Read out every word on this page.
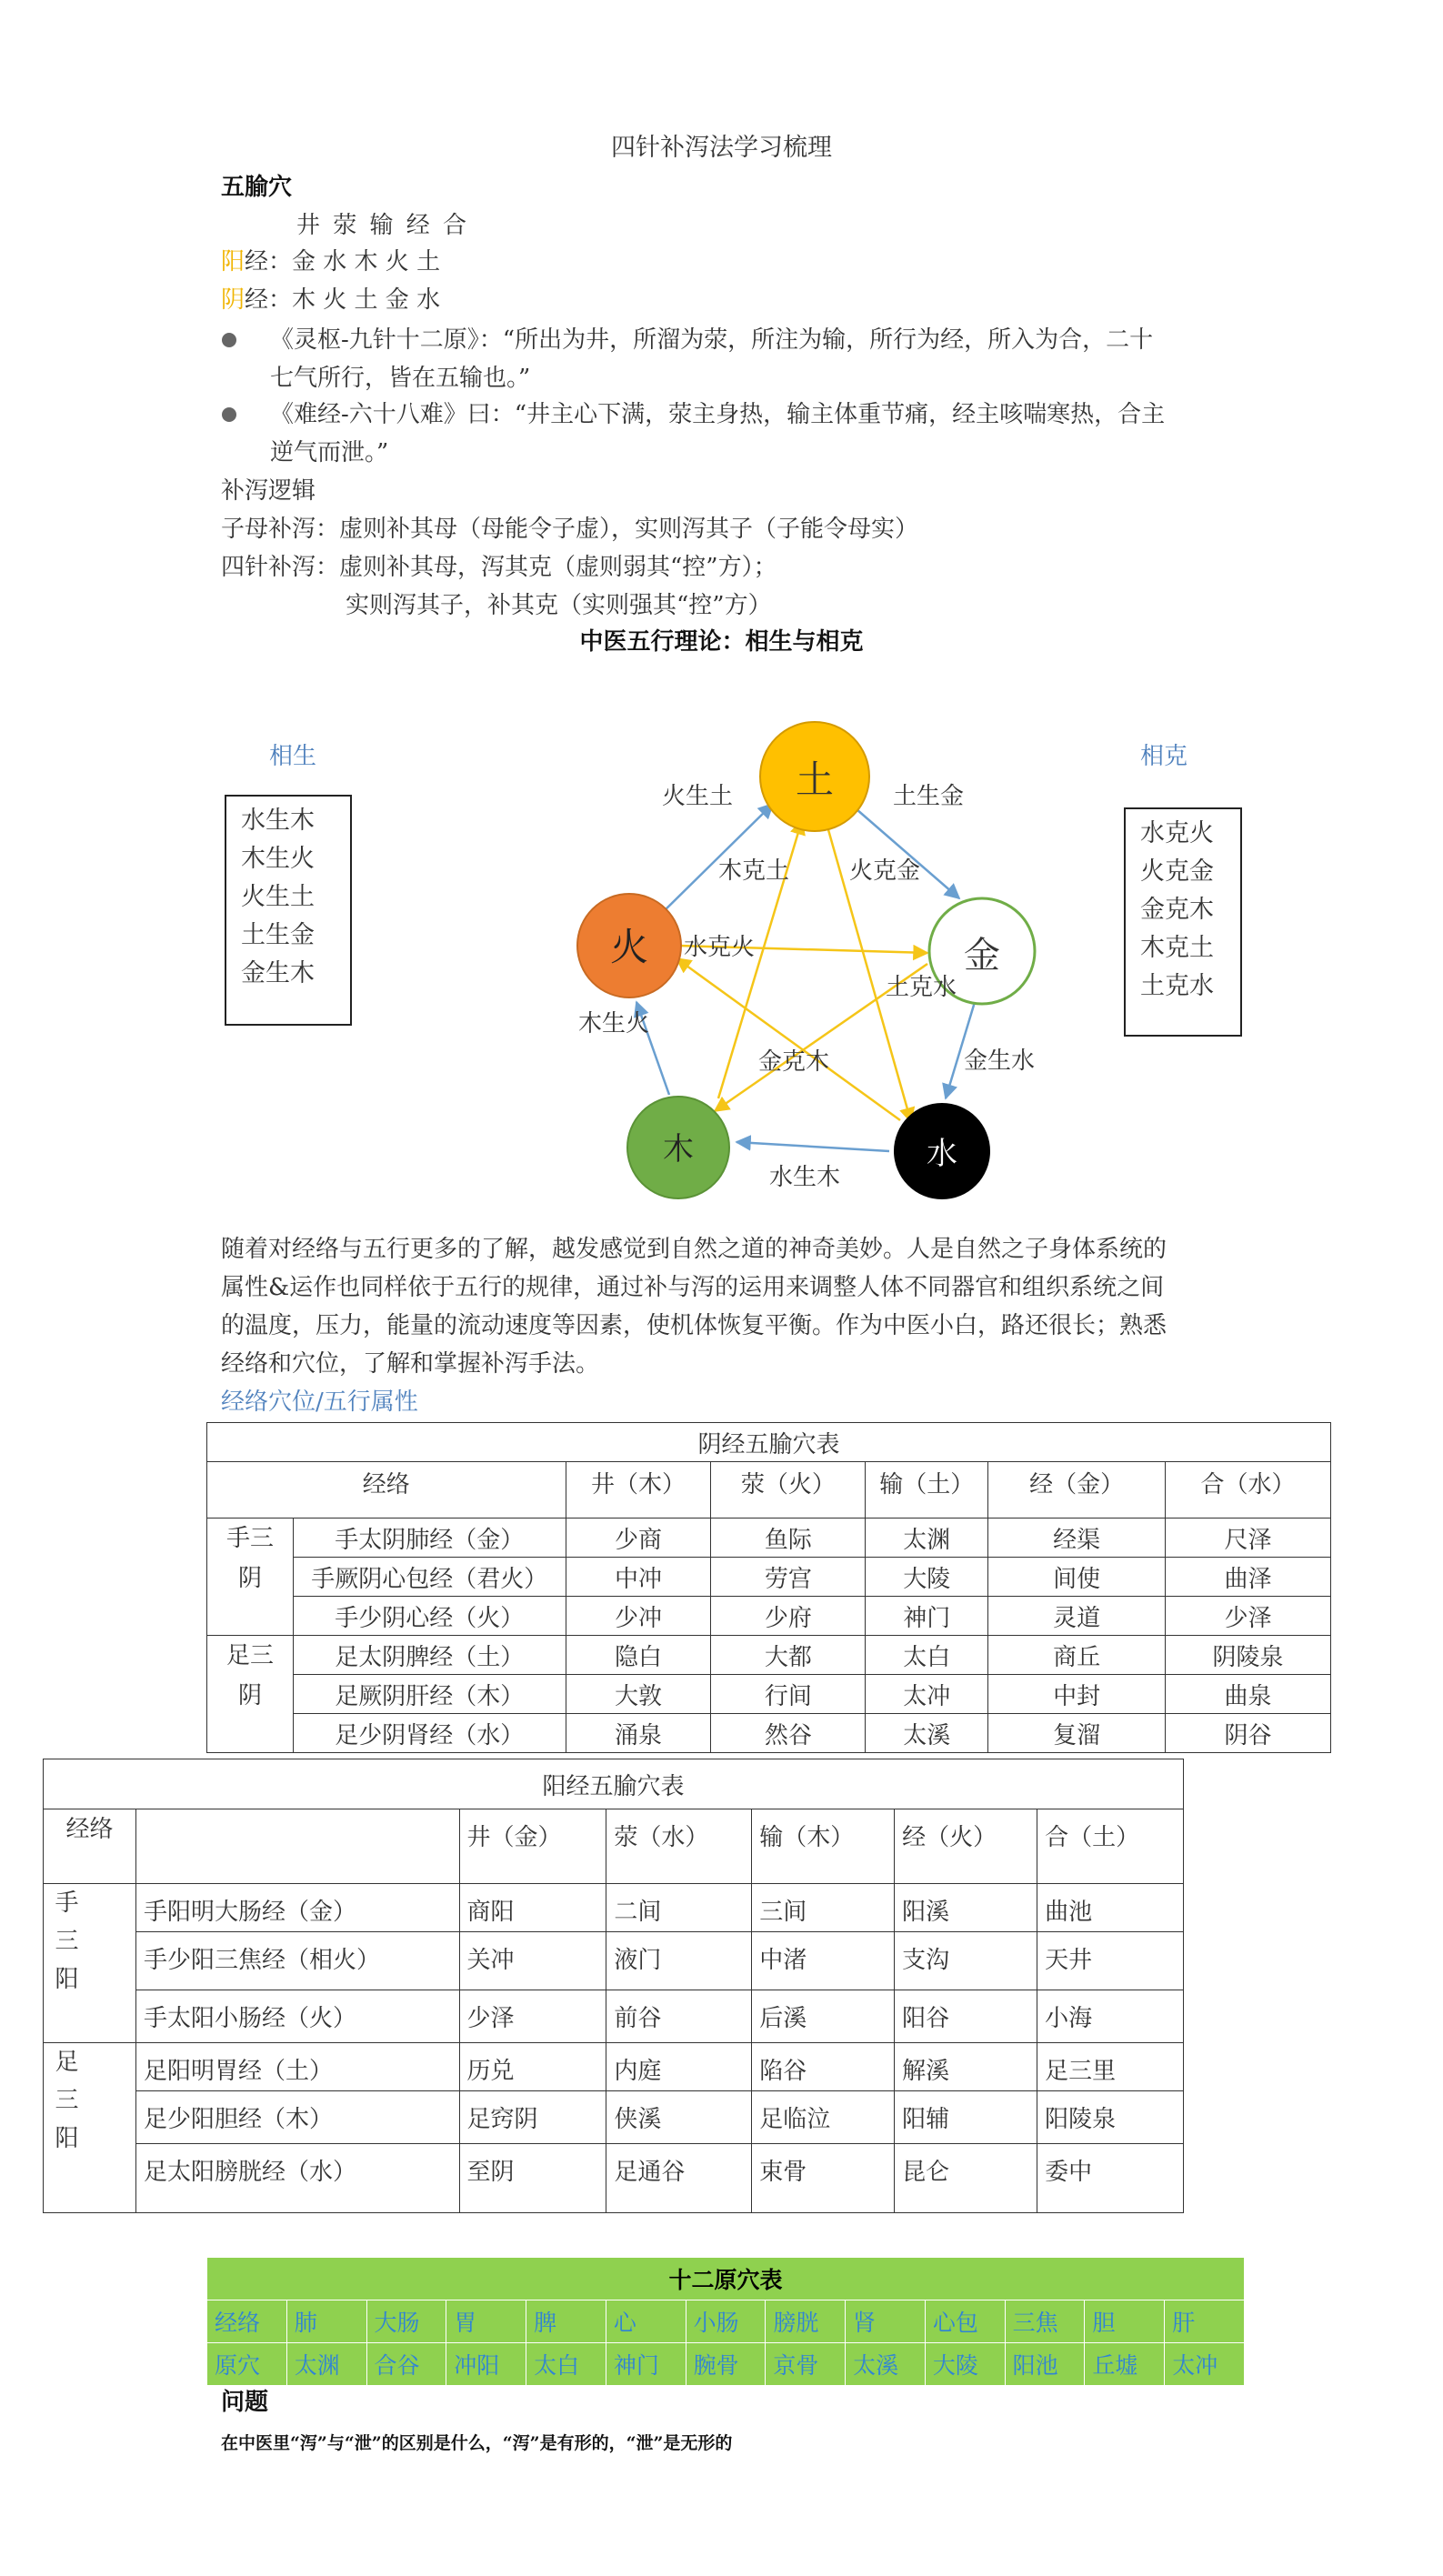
四针补泻法学习梳理
五腧穴
井 荥 输 经 合
阳经：金 水 木 火 土
阴经：木 火 土 金 水
《灵枢-九针十二原》：“所出为井，所溜为荥，所注为输，所行为经，所入为合，二十
七气所行，皆在五输也。”
《难经-六十八难》曰：“井主心下满，荥主身热，输主体重节痛，经主咳喘寒热，合主
逆气而泄。”
补泻逻辑
子母补泻：虚则补其母（母能令子虚），实则泻其子（子能令母实）
四针补泻：虚则补其母，泻其克（虚则弱其“控”方）；
实则泻其子，补其克（实则强其“控”方）
中医五行理论：相生与相克
相生	相克
水生木
木生火
火生土
土生金
金生木
水克火
火克金
金克木
木克土
土克水
土
金
水
木
火
火生土	土生金
金生水
水生木
木生火
木克土	火克金
水克火
土克水
金克木
随着对经络与五行更多的了解，越发感觉到自然之道的神奇美妙。人是自然之子身体系统的
属性&运作也同样依于五行的规律，通过补与泻的运用来调整人体不同器官和组织系统之间
的温度，压力，能量的流动速度等因素，使机体恢复平衡。作为中医小白，路还很长；熟悉
经络和穴位，了解和掌握补泻手法。
经络穴位/五行属性
阴经五腧穴表						
经络		井（木）	荥（火）	输（土）	经（金）	合（水）

手三阴	手太阴肺经（金）	少商	鱼际	太渊	经渠	尺泽
	手厥阴心包经（君火）	中冲	劳宫	大陵	间使	曲泽
	手少阴心经（火）	少冲	少府	神门	灵道	少泽

足三阴	足太阴脾经（土）	隐白	大都	太白	商丘	阴陵泉
	足厥阴肝经（木）	大敦	行间	太冲	中封	曲泉
	足少阴肾经（水）	涌泉	然谷	太溪	复溜	阴谷
阳经五腧穴表						

经络		井（金）	荥（水）	输（木）	经（火）	合（土）

手三阳	手阳明大肠经（金）	商阳	二间	三间	阳溪	曲池
	手少阳三焦经（相火）	关冲	液门	中渚	支沟	天井
	手太阳小肠经（火）	少泽	前谷	后溪	阳谷	小海

足三阳	足阳明胃经（土）	历兑	内庭	陷谷	解溪	足三里
	足少阳胆经（木）	足窍阴	侠溪	足临泣	阳辅	阳陵泉
	足太阳膀胱经（水）	至阴	足通谷	束骨	昆仑	委中
十二原穴表												
经络	肺	大肠	胃	脾	心	小肠	膀胱	肾	心包	三焦	胆	肝
原穴	太渊	合谷	冲阳	太白	神门	腕骨	京骨	太溪	大陵	阳池	丘墟	太冲
问题
在中医里“泻”与“泄”的区别是什么，“泻”是有形的，“泄”是无形的
